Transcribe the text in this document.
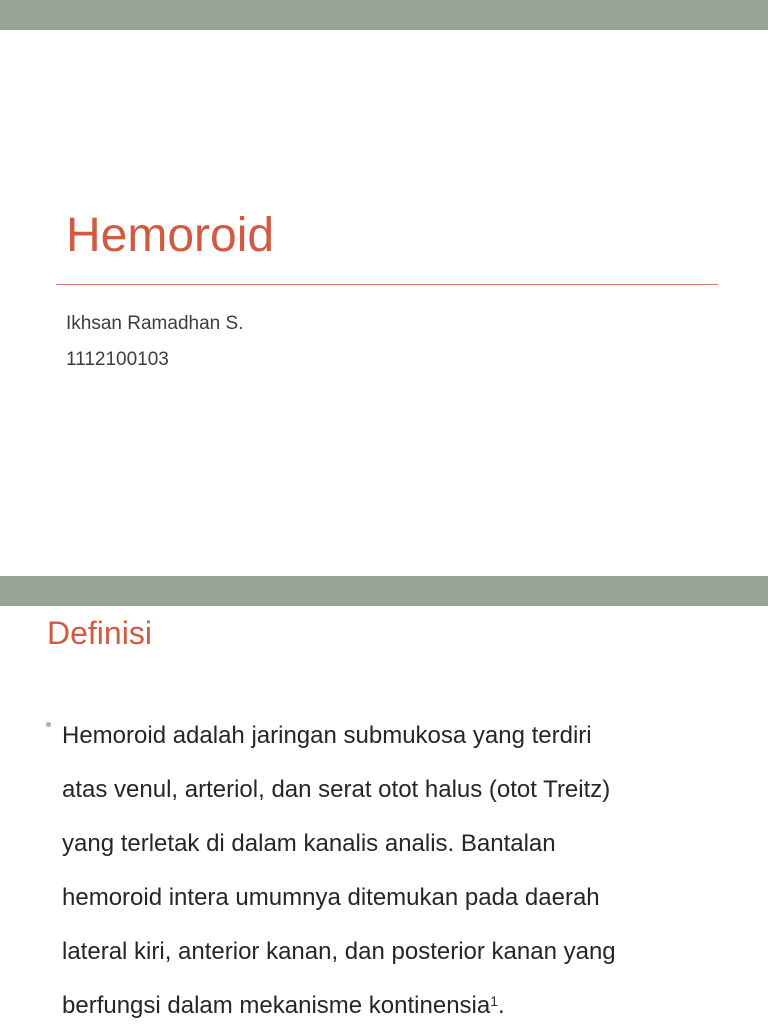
Hemoroid
Ikhsan Ramadhan S.
1112100103
Definisi
Hemoroid adalah jaringan submukosa yang terdiri
atas venul, arteriol, dan serat otot halus (otot Treitz)
yang terletak di dalam kanalis analis. Bantalan
hemoroid intera umumnya ditemukan pada daerah
lateral kiri, anterior kanan, dan posterior kanan yang
berfungsi dalam mekanisme kontinensia$^1$.
